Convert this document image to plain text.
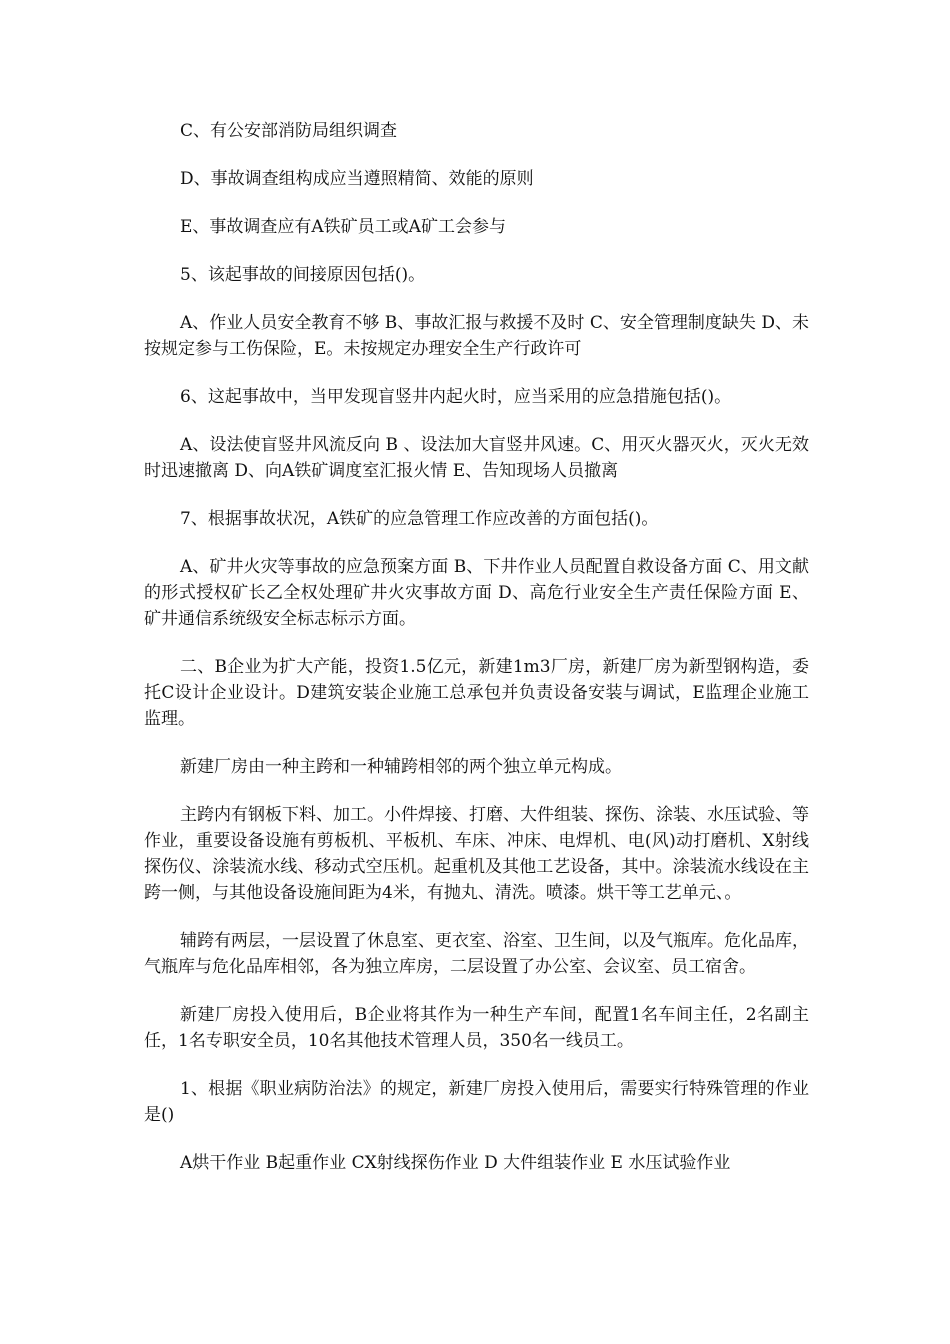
C、有公安部消防局组织调查

D、事故调查组构成应当遵照精简、效能的原则

E、事故调查应有A铁矿员工或A矿工会参与

5、该起事故的间接原因包括()。

A、作业人员安全教育不够 B、事故汇报与救援不及时 C、安全管理制度缺失 D、未按规定参与工伤保险，E。未按规定办理安全生产行政许可

6、这起事故中，当甲发现盲竖井内起火时，应当采用的应急措施包括()。

A、设法使盲竖井风流反向 B 、设法加大盲竖井风速。C、用灭火器灭火，灭火无效时迅速撤离 D、向A铁矿调度室汇报火情 E、告知现场人员撤离

7、根据事故状况，A铁矿的应急管理工作应改善的方面包括()。

A、矿井火灾等事故的应急预案方面 B、下井作业人员配置自救设备方面 C、用文献的形式授权矿长乙全权处理矿井火灾事故方面 D、高危行业安全生产责任保险方面 E、矿井通信系统级安全标志标示方面。

二、B企业为扩大产能，投资1.5亿元，新建1m3厂房，新建厂房为新型钢构造，委托C设计企业设计。D建筑安装企业施工总承包并负责设备安装与调试，E监理企业施工监理。

新建厂房由一种主跨和一种辅跨相邻的两个独立单元构成。

主跨内有钢板下料、加工。小件焊接、打磨、大件组装、探伤、涂装、水压试验、等作业，重要设备设施有剪板机、平板机、车床、冲床、电焊机、电(风)动打磨机、X射线探伤仪、涂装流水线、移动式空压机。起重机及其他工艺设备，其中。涂装流水线设在主跨一侧，与其他设备设施间距为4米，有抛丸、清洗。喷漆。烘干等工艺单元、。

辅跨有两层，一层设置了休息室、更衣室、浴室、卫生间，以及气瓶库。危化品库，气瓶库与危化品库相邻，各为独立库房，二层设置了办公室、会议室、员工宿舍。

新建厂房投入使用后，B企业将其作为一种生产车间，配置1名车间主任，2名副主任，1名专职安全员，10名其他技术管理人员，350名一线员工。

1、根据《职业病防治法》的规定，新建厂房投入使用后，需要实行特殊管理的作业是()

A烘干作业 B起重作业 CX射线探伤作业 D 大件组装作业 E 水压试验作业
